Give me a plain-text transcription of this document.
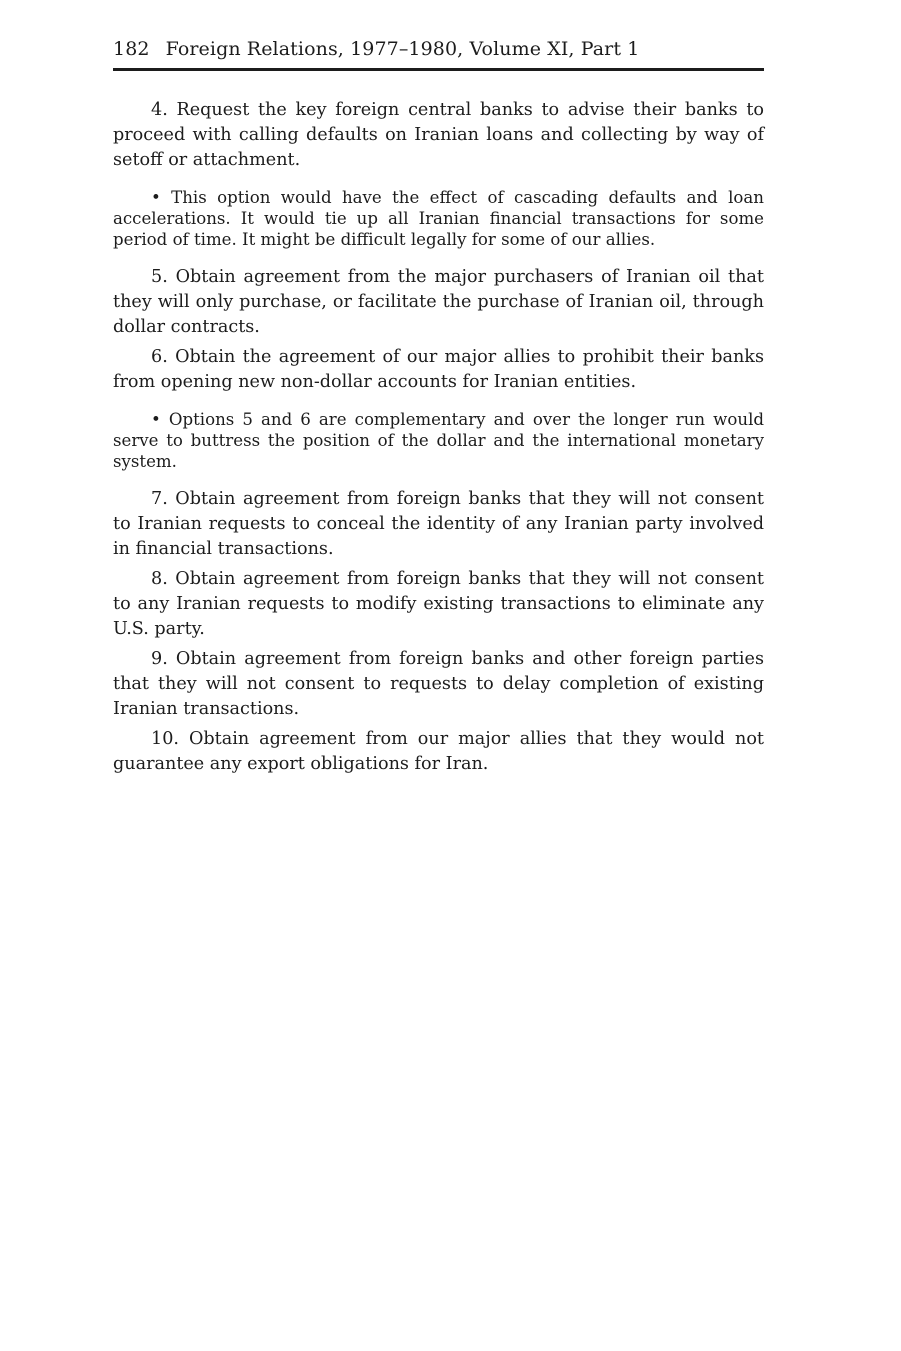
182 Foreign Relations, 1977–1980, Volume XI, Part 1

4. Request the key foreign central banks to advise their banks to proceed with calling defaults on Iranian loans and collecting by way of setoff or attachment.

• This option would have the effect of cascading defaults and loan accelerations. It would tie up all Iranian financial transactions for some period of time. It might be difficult legally for some of our allies.

5. Obtain agreement from the major purchasers of Iranian oil that they will only purchase, or facilitate the purchase of Iranian oil, through dollar contracts.

6. Obtain the agreement of our major allies to prohibit their banks from opening new non-dollar accounts for Iranian entities.

• Options 5 and 6 are complementary and over the longer run would serve to buttress the position of the dollar and the international monetary system.

7. Obtain agreement from foreign banks that they will not consent to Iranian requests to conceal the identity of any Iranian party involved in financial transactions.

8. Obtain agreement from foreign banks that they will not consent to any Iranian requests to modify existing transactions to eliminate any U.S. party.

9. Obtain agreement from foreign banks and other foreign parties that they will not consent to requests to delay completion of existing Iranian transactions.

10. Obtain agreement from our major allies that they would not guarantee any export obligations for Iran.
